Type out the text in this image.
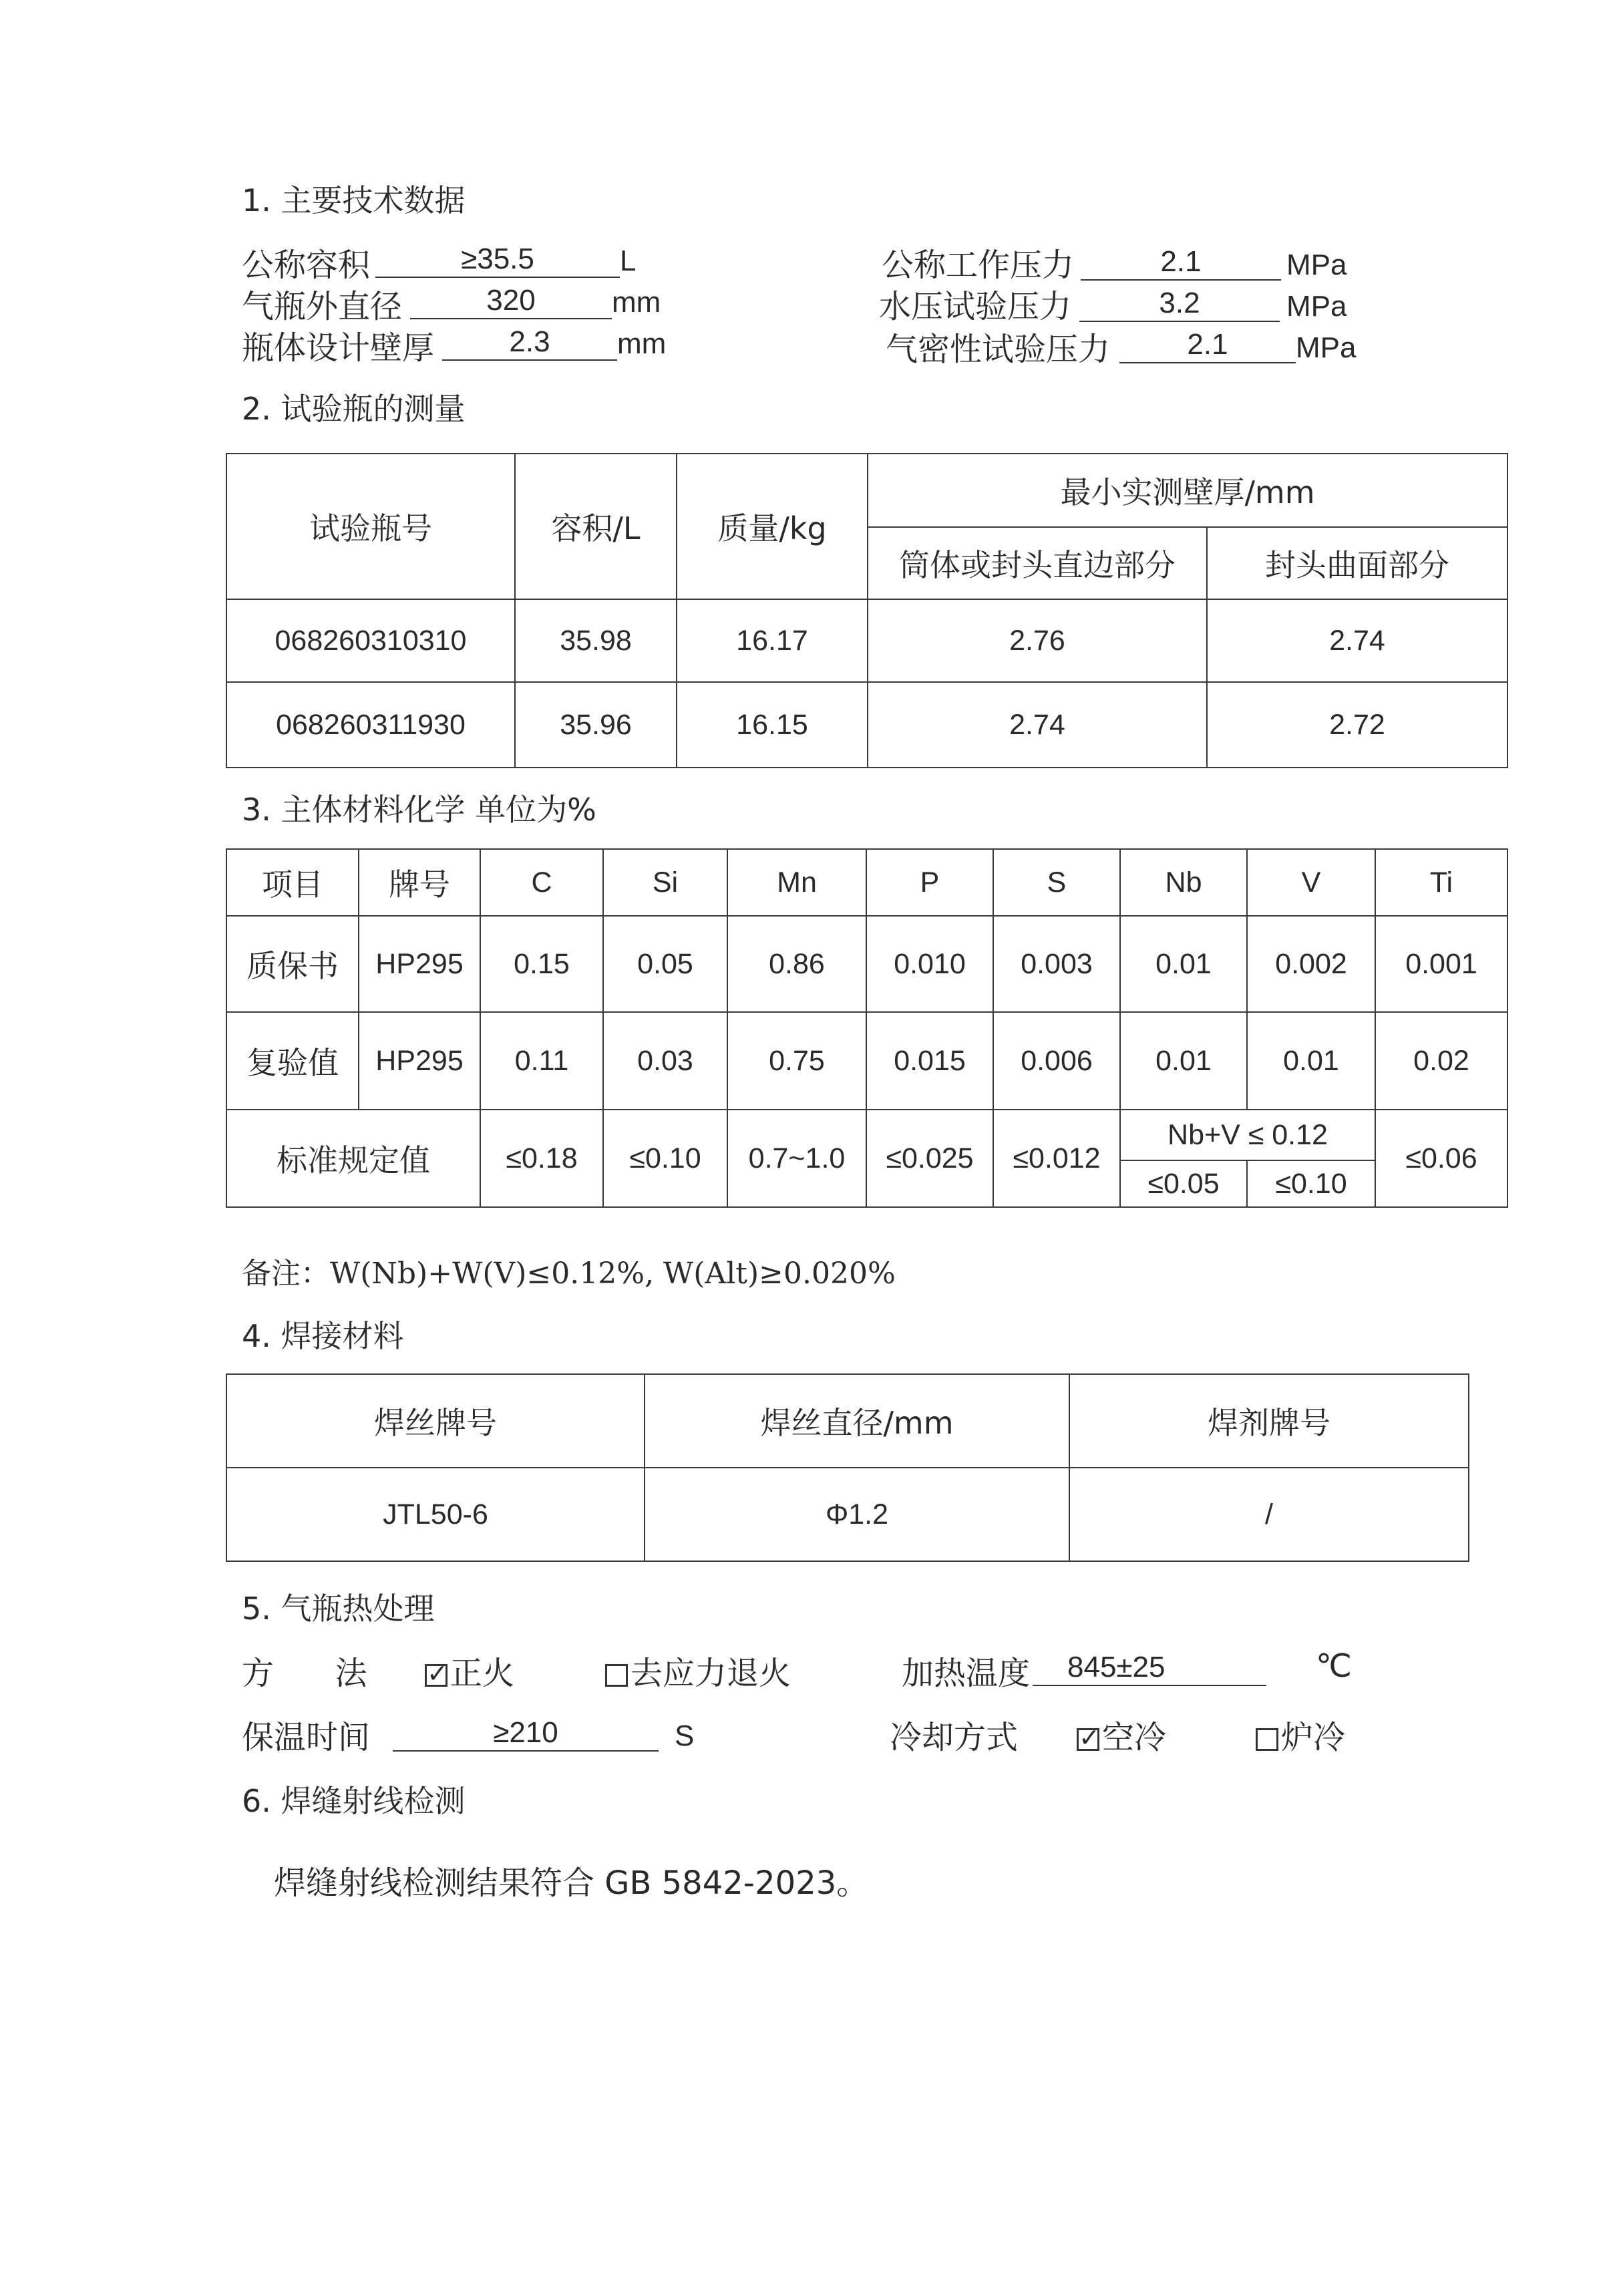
1. 主要技术数据
公称容积	≥35.5	L
气瓶外直径	320	mm
瓶体设计壁厚	2.3	mm
公称工作压力	2.1	MPa
水压试验压力	3.2	MPa
气密性试验压力	2.1	MPa
2. 试验瓶的测量
试验瓶号	容积/L	质量/kg	最小实测壁厚/mm	
			筒体或封头直边部分	封头曲面部分
068260310310	35.98	16.17	2.76	2.74
068260311930	35.96	16.15	2.74	2.72
3. 主体材料化学 单位为%
项目	牌号	C	Si	Mn	P	S	Nb	V	Ti
质保书	HP295	0.15	0.05	0.86	0.010	0.003	0.01	0.002	0.001
复验值	HP295	0.11	0.03	0.75	0.015	0.006	0.01	0.01	0.02
标准规定值		≤0.18	≤0.10	0.7~1.0	≤0.025	≤0.012	Nb+V ≤ 0.12		≤0.06
							≤0.05	≤0.10	
备注：W(Nb)+W(V)≤0.12%, W(Alt)≥0.020%
4. 焊接材料
焊丝牌号	焊丝直径/mm	焊剂牌号
JTL50-6	Φ1.2	/
5. 气瓶热处理
方      法 ✓ 正火	去应力退火	加热温度	845±25	℃
保温时间	≥210	S	冷却方式 ✓ 空冷	炉冷
6. 焊缝射线检测
焊缝射线检测结果符合 GB 5842-2023。
